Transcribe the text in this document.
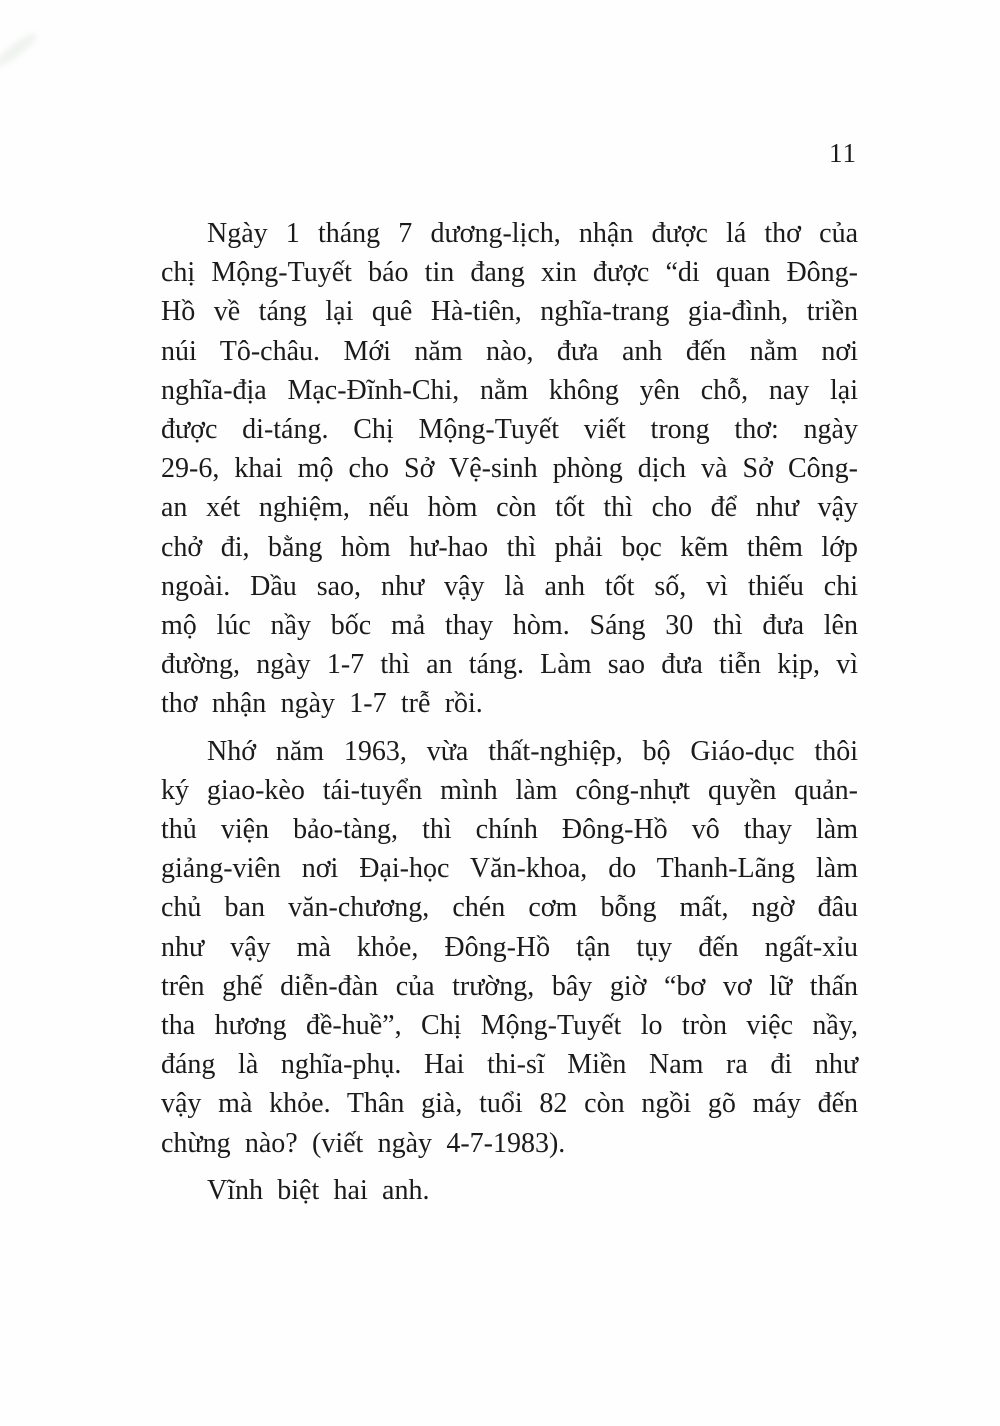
11
Ngày 1 tháng 7 dương-lịch, nhận được lá thơ của
chị Mộng-Tuyết báo tin đang xin được “di quan Đông-
Hồ về táng lại quê Hà-tiên, nghĩa-trang gia-đình, triền
núi Tô-châu. Mới năm nào, đưa anh đến nằm nơi
nghĩa-địa Mạc-Đĩnh-Chi, nằm không yên chỗ, nay lại
được di-táng. Chị Mộng-Tuyết viết trong thơ: ngày
29-6, khai mộ cho Sở Vệ-sinh phòng dịch và Sở Công-
an xét nghiệm, nếu hòm còn tốt thì cho để như vậy
chở đi, bằng hòm hư-hao thì phải bọc kẽm thêm lớp
ngoài. Dầu sao, như vậy là anh tốt số, vì thiếu chi
mộ lúc nầy bốc mả thay hòm. Sáng 30 thì đưa lên
đường, ngày 1-7 thì an táng. Làm sao đưa tiễn kịp, vì
thơ nhận ngày 1-7 trễ rồi.
Nhớ năm 1963, vừa thất-nghiệp, bộ Giáo-dục thôi
ký giao-kèo tái-tuyển mình làm công-nhựt quyền quản-
thủ viện bảo-tàng, thì chính Đông-Hồ vô thay làm
giảng-viên nơi Đại-học Văn-khoa, do Thanh-Lãng làm
chủ ban văn-chương, chén cơm bỗng mất, ngờ đâu
như vậy mà khỏe, Đông-Hồ tận tụy đến ngất-xỉu
trên ghế diễn-đàn của trường, bây giờ “bơ vơ lữ thấn
tha hương đề-huề”, Chị Mộng-Tuyết lo tròn việc nầy,
đáng là nghĩa-phụ. Hai thi-sĩ Miền Nam ra đi như
vậy mà khỏe. Thân già, tuổi 82 còn ngồi gõ máy đến
chừng nào? (viết ngày 4-7-1983).
Vĩnh biệt hai anh.
